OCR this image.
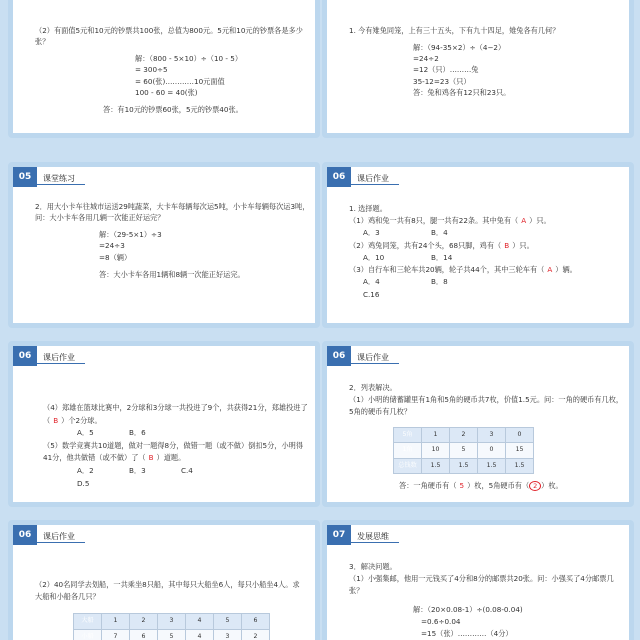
（2）有面值5元和10元的钞票共100张，总值为800元。5元和10元的钞票各是多少
张？
解：（800 - 5×10）÷（10 - 5）
= 300÷5
= 60(张)…………10元面值
100 - 60 = 40(张)
答：有10元的钞票60张，5元的钞票40张。
1. 今有雉兔同笼，上有三十五头，下有九十四足，雉兔各有几何？
解：（94-35×2）÷（4−2）
=24÷2
=12（只）………兔
35-12=23（只）
答：兔和鸡各有12只和23只。
05	课堂练习
2．用大小卡车往城市运送29吨蔬菜，大卡车每辆每次运5吨，小卡车每辆每次运3吨，
问：大小卡车各用几辆一次能正好运完？
解：（29-5×1）÷3
=24÷3
=8（辆）
答：大小卡车各用1辆和8辆一次能正好运完。
06	课后作业
1. 选择题。
（1）鸡和兔一共有8只，腿一共有22条。其中兔有（ A ）只。
A．3	B．4
（2）鸡兔同笼，共有24个头，68只脚，鸡有（ B ）只。
A．10	B．14
（3）自行车和三轮车共20辆，轮子共44个，其中三轮车有（ A ）辆。
A．4	B．8
C.16
06	课后作业
（4）郑雄在篮球比赛中，2分球和3分球一共投进了9个，共获得21分，郑雄投进了
（ B ）个2分球。
A．5	B．6
（5）数学竞赛共10道题，做对一题得8分，做错一题（或不做）倒扣5分，小明得
41分，他共做错（或不做）了（ B ）道题。
A．2	B．3	C.4
D.5
06	课后作业
2．列表解决。
（1）小明的储蓄罐里有1角和5角的硬币共7枚，价值1.5元。问：一角的硬币有几枚，
5角的硬币有几枚？
5角	1	2	3	0
1角	10	5	0	15
总钱数	1.5	1.5	1.5	1.5
答：一角硬币有（ 5 ）枚，5角硬币有（ 2 ）枚。
06	课后作业
（2）40名同学去划船，一共乘坐8只船，其中每只大船坐6人，每只小船坐4人。求
大船和小船各几只？
大船	1	2	3	4	5	6
小船	7	6	5	4	3	2
07	发展思维
3．解决问题。
（1）小强集邮，他用一元钱买了4分和8分的邮票共20张。问：小强买了4分邮票几
张？
解：（20×0.08-1）÷(0.08-0.04)
=0.6÷0.04
=15（张）…………（4分）
